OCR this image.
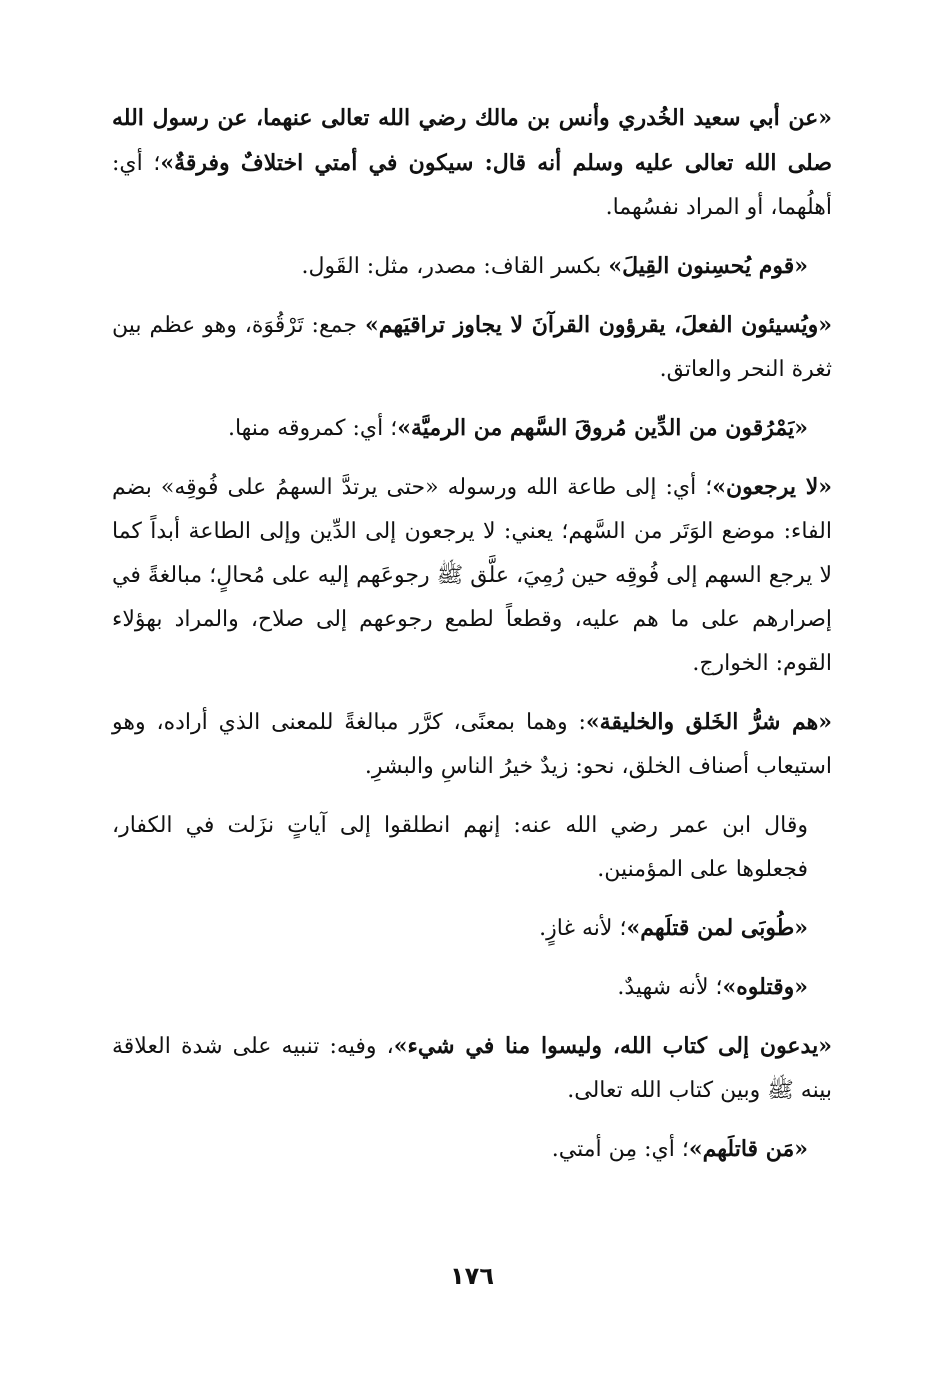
«عن أبي سعيد الخُدري وأنس بن مالك رضي الله تعالى عنهما، عن رسول الله صلى الله تعالى عليه وسلم أنه قال: سيكون في أمتي اختلافٌ وفرقةٌ»؛ أي: أهلُهما، أو المراد نفسُهما.

«قوم يُحسِنون القِيلَ» بكسر القاف: مصدر، مثل: القَول.

«ويُسيئون الفعلَ، يقرؤون القرآنَ لا يجاوز تراقيَهم» جمع: تَرْقُوَة، وهو عظم بين ثغرة النحر والعاتق.

«يَمْرُقون من الدِّين مُروقَ السَّهم من الرميَّة»؛ أي: كمروقه منها.

«لا يرجعون»؛ أي: إلى طاعة الله ورسوله «حتى يرتدَّ السهمُ على فُوقِه» بضم الفاء: موضع الوَتَر من السَّهم؛ يعني: لا يرجعون إلى الدِّين وإلى الطاعة أبداً كما لا يرجع السهم إلى فُوقِه حين رُمِيَ، علَّق ﷺ رجوعَهم إليه على مُحالٍ؛ مبالغةً في إصرارهم على ما هم عليه، وقطعاً لطمع رجوعهم إلى صلاح، والمراد بهؤلاء القوم: الخوارج.

«هم شرُّ الخَلق والخليقة»: وهما بمعنًى، كرَّر مبالغةً للمعنى الذي أراده، وهو استيعاب أصناف الخلق، نحو: زيدٌ خيرُ الناسِ والبشرِ.

وقال ابن عمر رضي الله عنه: إنهم انطلقوا إلى آياتٍ نزَلت في الكفار، فجعلوها على المؤمنين.

«طُوبَى لمن قتلَهم»؛ لأنه غازٍ.

«وقتلوه»؛ لأنه شهيدٌ.

«يدعون إلى كتاب الله، وليسوا منا في شيء»، وفيه: تنبيه على شدة العلاقة بينه ﷺ وبين كتاب الله تعالى.

«مَن قاتلَهم»؛ أي: مِن أمتي.

١٧٦
